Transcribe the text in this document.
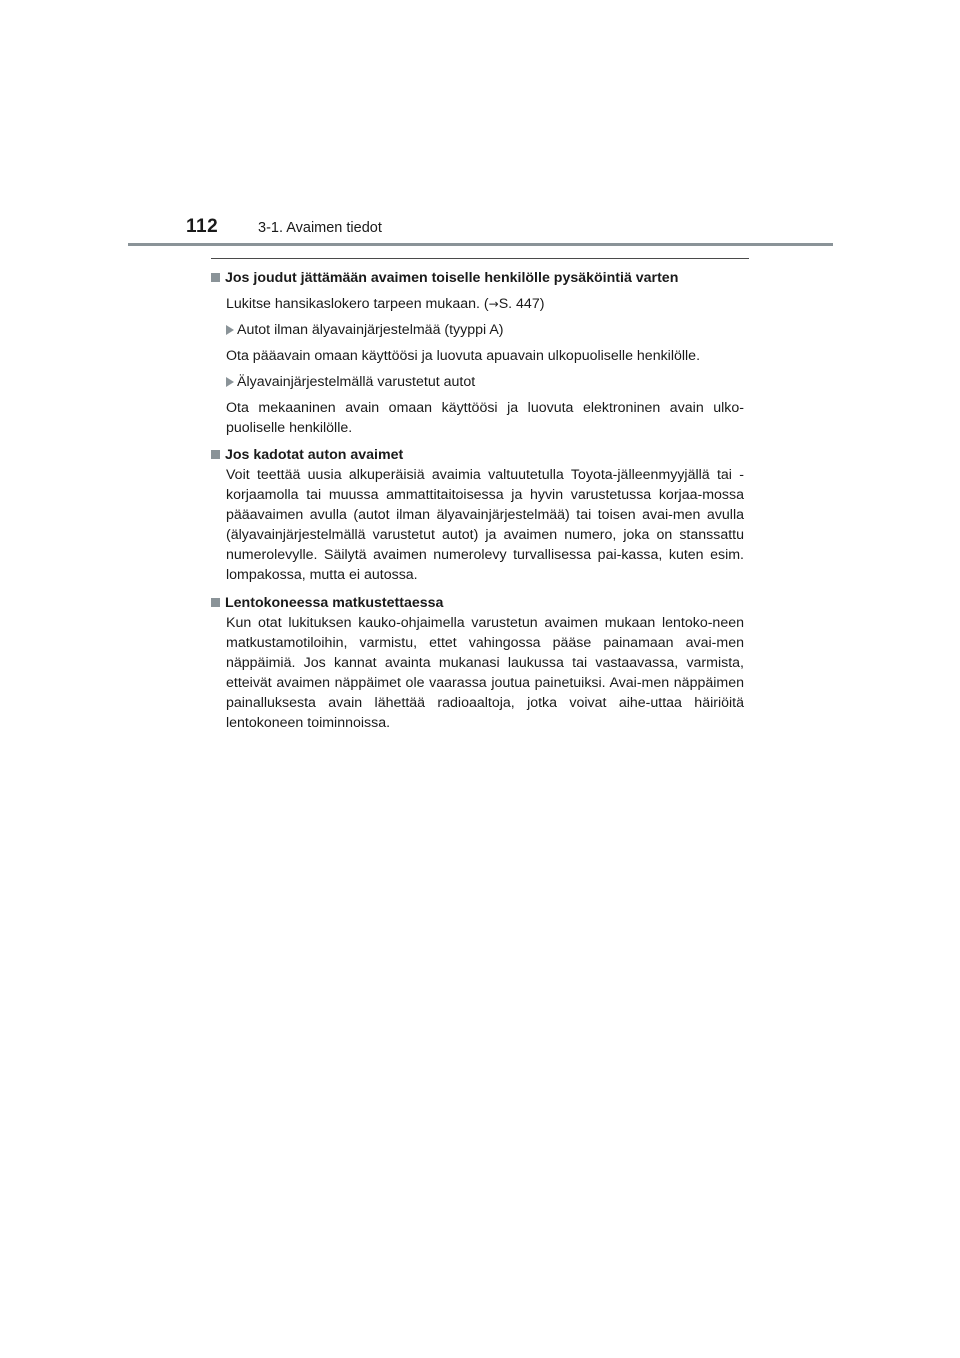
112	3-1. Avaimen tiedot

Jos joudut jättämään avaimen toiselle henkilölle pysäköintiä varten

Lukitse hansikaslokero tarpeen mukaan. (→S. 447)

Autot ilman älyavainjärjestelmää (tyyppi A)

Ota pääavain omaan käyttöösi ja luovuta apuavain ulkopuoliselle henkilölle.

Älyavainjärjestelmällä varustetut autot

Ota mekaaninen avain omaan käyttöösi ja luovuta elektroninen avain ulko-puoliselle henkilölle.

Jos kadotat auton avaimet

Voit teettää uusia alkuperäisiä avaimia valtuutetulla Toyota-jälleenmyyjällä tai -korjaamolla tai muussa ammattitaitoisessa ja hyvin varustetussa korjaa-mossa pääavaimen avulla (autot ilman älyavainjärjestelmää) tai toisen avai-men avulla (älyavainjärjestelmällä varustetut autot) ja avaimen numero, joka on stanssattu numerolevylle. Säilytä avaimen numerolevy turvallisessa pai-kassa, kuten esim. lompakossa, mutta ei autossa.

Lentokoneessa matkustettaessa

Kun otat lukituksen kauko-ohjaimella varustetun avaimen mukaan lentoko-neen matkustamotiloihin, varmistu, ettet vahingossa pääse painamaan avai-men näppäimiä. Jos kannat avainta mukanasi laukussa tai vastaavassa, varmista, etteivät avaimen näppäimet ole vaarassa joutua painetuiksi. Avai-men näppäimen painalluksesta avain lähettää radioaaltoja, jotka voivat aihe-uttaa häiriöitä lentokoneen toiminnoissa.
